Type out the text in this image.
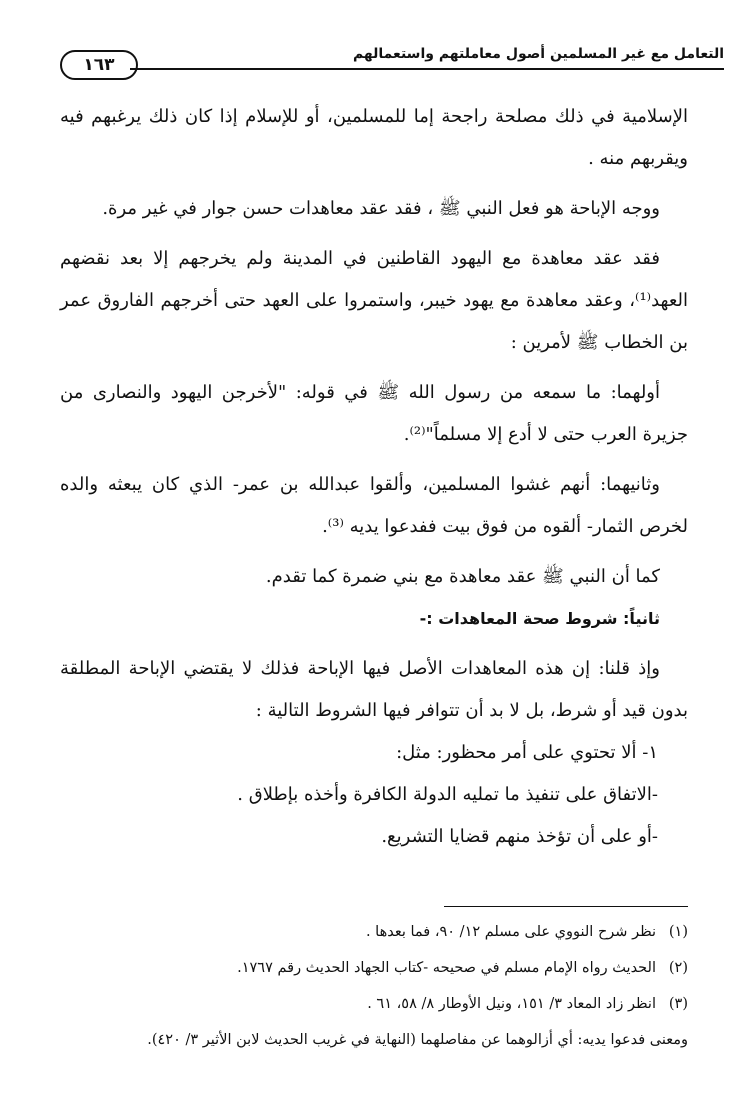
التعامل مع غير المسلمين أصول معاملتهم واستعمالهم
١٦٣

الإسلامية في ذلك مصلحة راجحة إما للمسلمين، أو للإسلام إذا كان ذلك يرغبهم فيه ويقربهم منه .

ووجه الإباحة هو فعل النبي ﷺ ، فقد عقد معاهدات حسن جوار في غير مرة.

فقد عقد معاهدة مع اليهود القاطنين في المدينة ولم يخرجهم إلا بعد نقضهم العهد⁽¹⁾، وعقد معاهدة مع يهود خيبر، واستمروا على العهد حتى أخرجهم الفاروق عمر بن الخطاب ﷺ لأمرين :

أولهما: ما سمعه من رسول الله ﷺ في قوله: "لأخرجن اليهود والنصارى من جزيرة العرب حتى لا أدع إلا مسلماً"⁽²⁾.

وثانيهما: أنهم غشوا المسلمين، وألقوا عبدالله بن عمر- الذي كان يبعثه والده لخرص الثمار- ألقوه من فوق بيت ففدعوا يديه ⁽³⁾.

كما أن النبي ﷺ عقد معاهدة مع بني ضمرة كما تقدم.

ثانياً: شروط صحة المعاهدات :-

وإذ قلنا: إن هذه المعاهدات الأصل فيها الإباحة فذلك لا يقتضي الإباحة المطلقة بدون قيد أو شرط، بل لا بد أن تتوافر فيها الشروط التالية :

١- ألا تحتوي على أمر محظور: مثل:

-الاتفاق على تنفيذ ما تمليه الدولة الكافرة وأخذه بإطلاق .

-أو على أن تؤخذ منهم قضايا التشريع.

(١)نظر شرح النووي على مسلم ١٢/ ٩٠، فما بعدها .

(٢)الحديث رواه الإمام مسلم في صحيحه -كتاب الجهاد الحديث رقم ١٧٦٧.

(٣)انظر زاد المعاد ٣/ ١٥١، ونيل الأوطار ٨/ ٥٨، ٦١ .

ومعنى فدعوا يديه: أي أزالوهما عن مفاصلهما (النهاية في غريب الحديث لابن الأثير ٣/ ٤٢٠).
